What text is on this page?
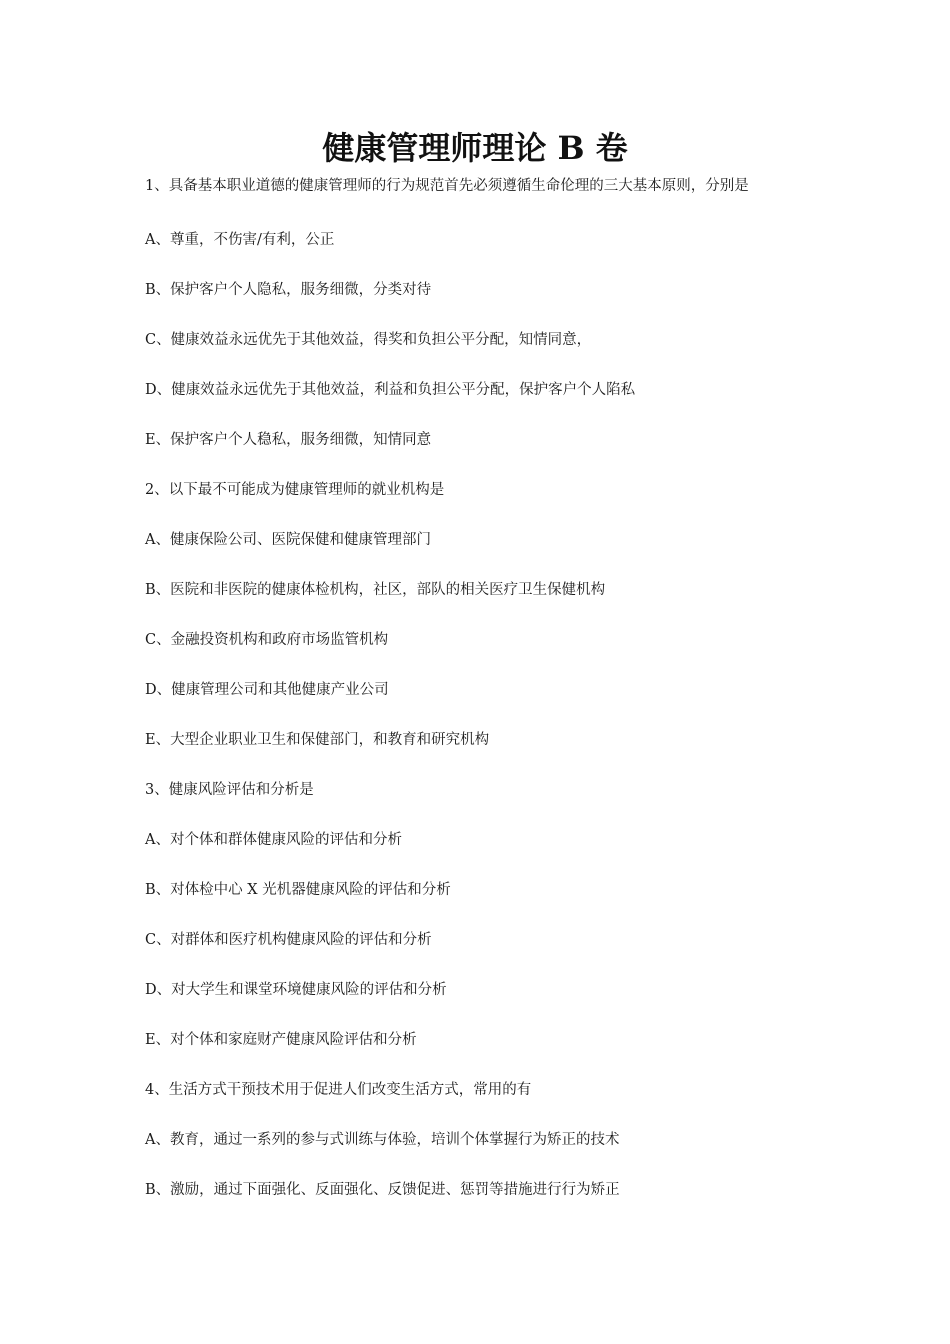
健康管理师理论 B 卷

1、具备基本职业道德的健康管理师的行为规范首先必须遵循生命伦理的三大基本原则，分别是

A、尊重，不伤害/有利，公正

B、保护客户个人隐私，服务细微，分类对待

C、健康效益永远优先于其他效益，得奖和负担公平分配，知情同意，

D、健康效益永远优先于其他效益，利益和负担公平分配，保护客户个人陷私

E、保护客户个人稳私，服务细微，知情同意

2、以下最不可能成为健康管理师的就业机构是

A、健康保险公司、医院保健和健康管理部门

B、医院和非医院的健康体检机构，社区，部队的相关医疗卫生保健机构

C、金融投资机构和政府市场监管机构

D、健康管理公司和其他健康产业公司

E、大型企业职业卫生和保健部门，和教育和研究机构

3、健康风险评估和分析是

A、对个体和群体健康风险的评估和分析

B、对体检中心 X 光机器健康风险的评估和分析

C、对群体和医疗机构健康风险的评估和分析

D、对大学生和课堂环境健康风险的评估和分析

E、对个体和家庭财产健康风险评估和分析

4、生活方式干预技术用于促进人们改变生活方式，常用的有

A、教育，通过一系列的参与式训练与体验，培训个体掌握行为矫正的技术

B、激励，通过下面强化、反面强化、反馈促进、惩罚等措施进行行为矫正
